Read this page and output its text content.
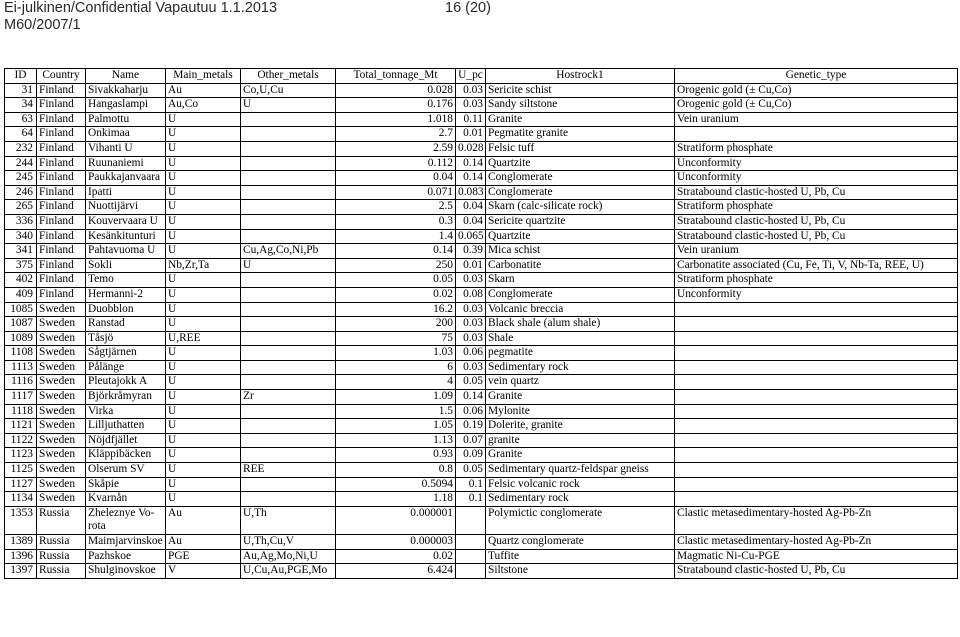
Ei-julkinen/Confidential Vapautuu 1.1.2013
M60/2007/1
16 (20)
ID	Country	Name	Main_metals	Other_metals	Total_tonnage_Mt	U_pc	Hostrock1	Genetic_type
31	Finland	Sivakkaharju	Au	Co,U,Cu	0.028	0.03	Sericite schist	Orogenic gold (± Cu,Co)
34	Finland	Hangaslampi	Au,Co	U	0.176	0.03	Sandy siltstone	Orogenic gold (± Cu,Co)
63	Finland	Palmottu	U		1.018	0.11	Granite	Vein uranium
64	Finland	Onkimaa	U		2.7	0.01	Pegmatite granite	
232	Finland	Vihanti U	U		2.59	0.028	Felsic tuff	Stratiform phosphate
244	Finland	Ruunaniemi	U		0.112	0.14	Quartzite	Unconformity
245	Finland	Paukkajanvaara	U		0.04	0.14	Conglomerate	Unconformity
246	Finland	Ipatti	U		0.071	0.083	Conglomerate	Stratabound clastic-hosted U, Pb, Cu
265	Finland	Nuottijärvi	U		2.5	0.04	Skarn (calc-silicate rock)	Stratiform phosphate
336	Finland	Kouvervaara U	U		0.3	0.04	Sericite quartzite	Stratabound clastic-hosted U, Pb, Cu
340	Finland	Kesänkitunturi	U		1.4	0.065	Quartzite	Stratabound clastic-hosted U, Pb, Cu
341	Finland	Pahtavuoma U	U	Cu,Ag,Co,Ni,Pb	0.14	0.39	Mica schist	Vein uranium
375	Finland	Sokli	Nb,Zr,Ta	U	250	0.01	Carbonatite	Carbonatite associated (Cu, Fe, Ti, V, Nb-Ta, REE, U)
402	Finland	Temo	U		0.05	0.03	Skarn	Stratiform phosphate
409	Finland	Hermanni-2	U		0.02	0.08	Conglomerate	Unconformity
1085	Sweden	Duobblon	U		16.2	0.03	Volcanic breccia	
1087	Sweden	Ranstad	U		200	0.03	Black shale (alum shale)	
1089	Sweden	Tåsjö	U,REE		75	0.03	Shale	
1108	Sweden	Sågtjärnen	U		1.03	0.06	pegmatite	
1113	Sweden	Pålänge	U		6	0.03	Sedimentary rock	
1116	Sweden	Pleutajokk A	U		4	0.05	vein quartz	
1117	Sweden	Björkråmyran	U	Zr	1.09	0.14	Granite	
1118	Sweden	Virka	U		1.5	0.06	Mylonite	
1121	Sweden	Lilljuthatten	U		1.05	0.19	Dolerite, granite	
1122	Sweden	Nöjdfjället	U		1.13	0.07	granite	
1123	Sweden	Kläppibäcken	U		0.93	0.09	Granite	
1125	Sweden	Olserum SV	U	REE	0.8	0.05	Sedimentary quartz-feldspar gneiss	
1127	Sweden	Skåpie	U		0.5094	0.1	Felsic volcanic rock	
1134	Sweden	Kvarnån	U		1.18	0.1	Sedimentary rock	
1353	Russia	Zheleznye Vo-rota	Au	U,Th	0.000001		Polymictic conglomerate	Clastic metasedimentary-hosted Ag-Pb-Zn
1389	Russia	Maimjarvinskoe	Au	U,Th,Cu,V	0.000003		Quartz conglomerate	Clastic metasedimentary-hosted Ag-Pb-Zn
1396	Russia	Pazhskoe	PGE	Au,Ag,Mo,Ni,U	0.02		Tuffite	Magmatic Ni-Cu-PGE
1397	Russia	Shulginovskoe	V	U,Cu,Au,PGE,Mo	6.424		Siltstone	Stratabound clastic-hosted U, Pb, Cu
